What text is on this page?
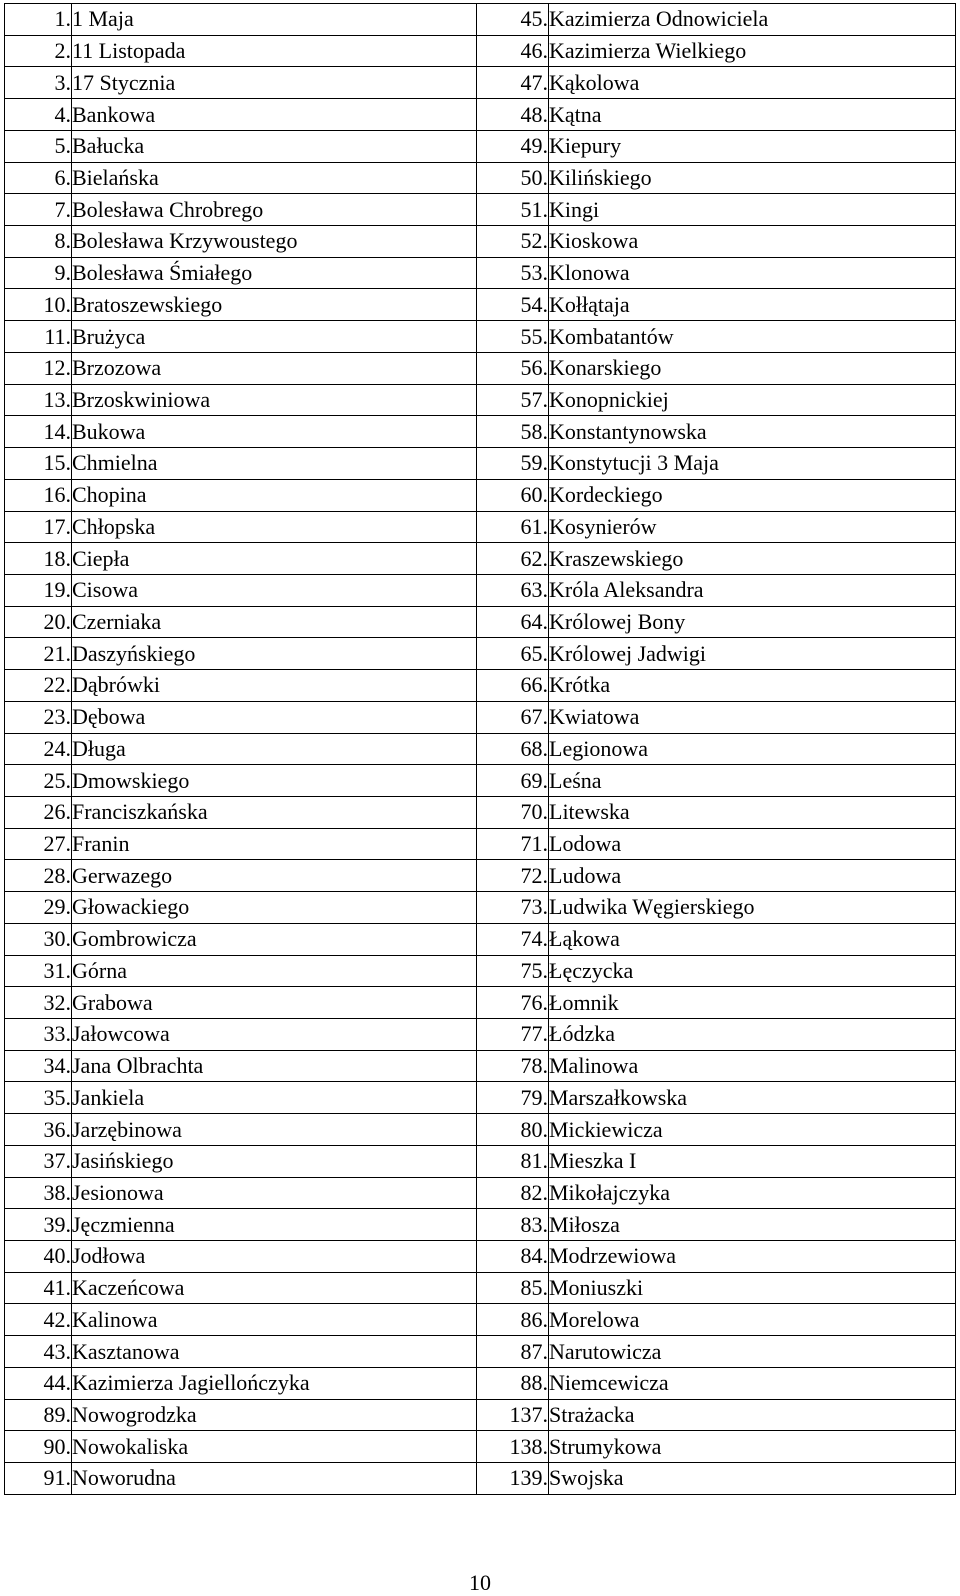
1.	1 Maja	45.	Kazimierza Odnowiciela
2.	11 Listopada	46.	Kazimierza Wielkiego
3.	17 Stycznia	47.	Kąkolowa
4.	Bankowa	48.	Kątna
5.	Bałucka	49.	Kiepury
6.	Bielańska	50.	Kilińskiego
7.	Bolesława Chrobrego	51.	Kingi
8.	Bolesława Krzywoustego	52.	Kioskowa
9.	Bolesława Śmiałego	53.	Klonowa
10.	Bratoszewskiego	54.	Kołłątaja
11.	Brużyca	55.	Kombatantów
12.	Brzozowa	56.	Konarskiego
13.	Brzoskwiniowa	57.	Konopnickiej
14.	Bukowa	58.	Konstantynowska
15.	Chmielna	59.	Konstytucji 3 Maja
16.	Chopina	60.	Kordeckiego
17.	Chłopska	61.	Kosynierów
18.	Ciepła	62.	Kraszewskiego
19.	Cisowa	63.	Króla Aleksandra
20.	Czerniaka	64.	Królowej Bony
21.	Daszyńskiego	65.	Królowej Jadwigi
22.	Dąbrówki	66.	Krótka
23.	Dębowa	67.	Kwiatowa
24.	Długa	68.	Legionowa
25.	Dmowskiego	69.	Leśna
26.	Franciszkańska	70.	Litewska
27.	Franin	71.	Lodowa
28.	Gerwazego	72.	Ludowa
29.	Głowackiego	73.	Ludwika Węgierskiego
30.	Gombrowicza	74.	Łąkowa
31.	Górna	75.	Łęczycka
32.	Grabowa	76.	Łomnik
33.	Jałowcowa	77.	Łódzka
34.	Jana Olbrachta	78.	Malinowa
35.	Jankiela	79.	Marszałkowska
36.	Jarzębinowa	80.	Mickiewicza
37.	Jasińskiego	81.	Mieszka I
38.	Jesionowa	82.	Mikołajczyka
39.	Jęczmienna	83.	Miłosza
40.	Jodłowa	84.	Modrzewiowa
41.	Kaczeńcowa	85.	Moniuszki
42.	Kalinowa	86.	Morelowa
43.	Kasztanowa	87.	Narutowicza
44.	Kazimierza Jagiellończyka	88.	Niemcewicza
89.	Nowogrodzka	137.	Strażacka
90.	Nowokaliska	138.	Strumykowa
91.	Noworudna	139.	Swojska
10
